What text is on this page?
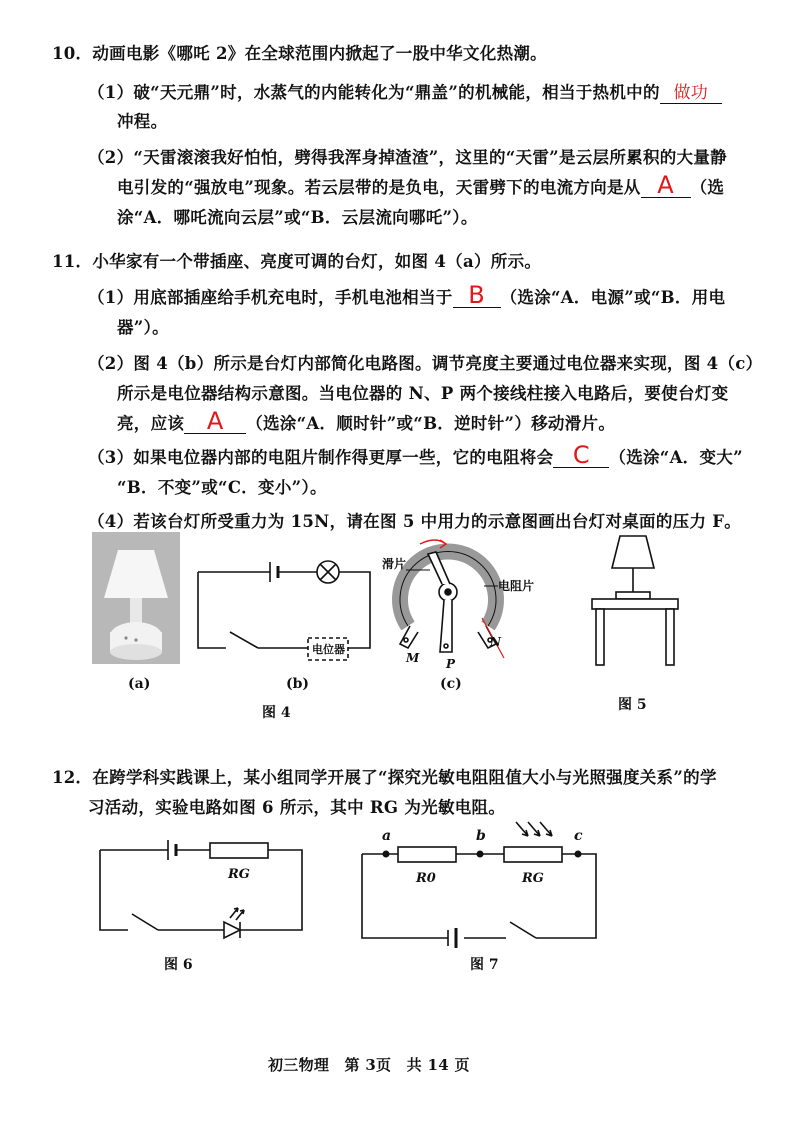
10．动画电影《哪吒 2》在全球范围内掀起了一股中华文化热潮。
（1）破“天元鼎”时，水蒸气的内能转化为“鼎盖”的机械能，相当于热机中的 做功
冲程。
（2）“天雷滚滚我好怕怕，劈得我浑身掉渣渣”，这里的“天雷”是云层所累积的大量静
电引发的“强放电”现象。若云层带的是负电，天雷劈下的电流方向是从 A （选
涂“A．哪吒流向云层”或“B．云层流向哪吒”）。
11．小华家有一个带插座、亮度可调的台灯，如图 4（a）所示。
（1）用底部插座给手机充电时，手机电池相当于 B （选涂“A．电源”或“B．用电
器”）。
（2）图 4（b）所示是台灯内部简化电路图。调节亮度主要通过电位器来实现，图 4（c）
所示是电位器结构示意图。当电位器的 N、P 两个接线柱接入电路后，要使台灯变
亮，应该 A （选涂“A．顺时针”或“B．逆时针”）移动滑片。
（3）如果电位器内部的电阻片制作得更厚一些，它的电阻将会 C （选涂“A．变大”
“B．不变”或“C．变小”）。
（4）若该台灯所受重力为 15N，请在图 5 中用力的示意图画出台灯对桌面的压力 F。
(a)
电位器
(b)
滑片
电阻片
M P
N
(c)
图 4	图 5
12．在跨学科实践课上，某小组同学开展了“探究光敏电阻阻值大小与光照强度关系”的学
习活动，实验电路如图 6 所示，其中 RG 为光敏电阻。
RG
图 6
a	b	c
R0	RG
图 7
初三物理　第 3页　共 14 页
